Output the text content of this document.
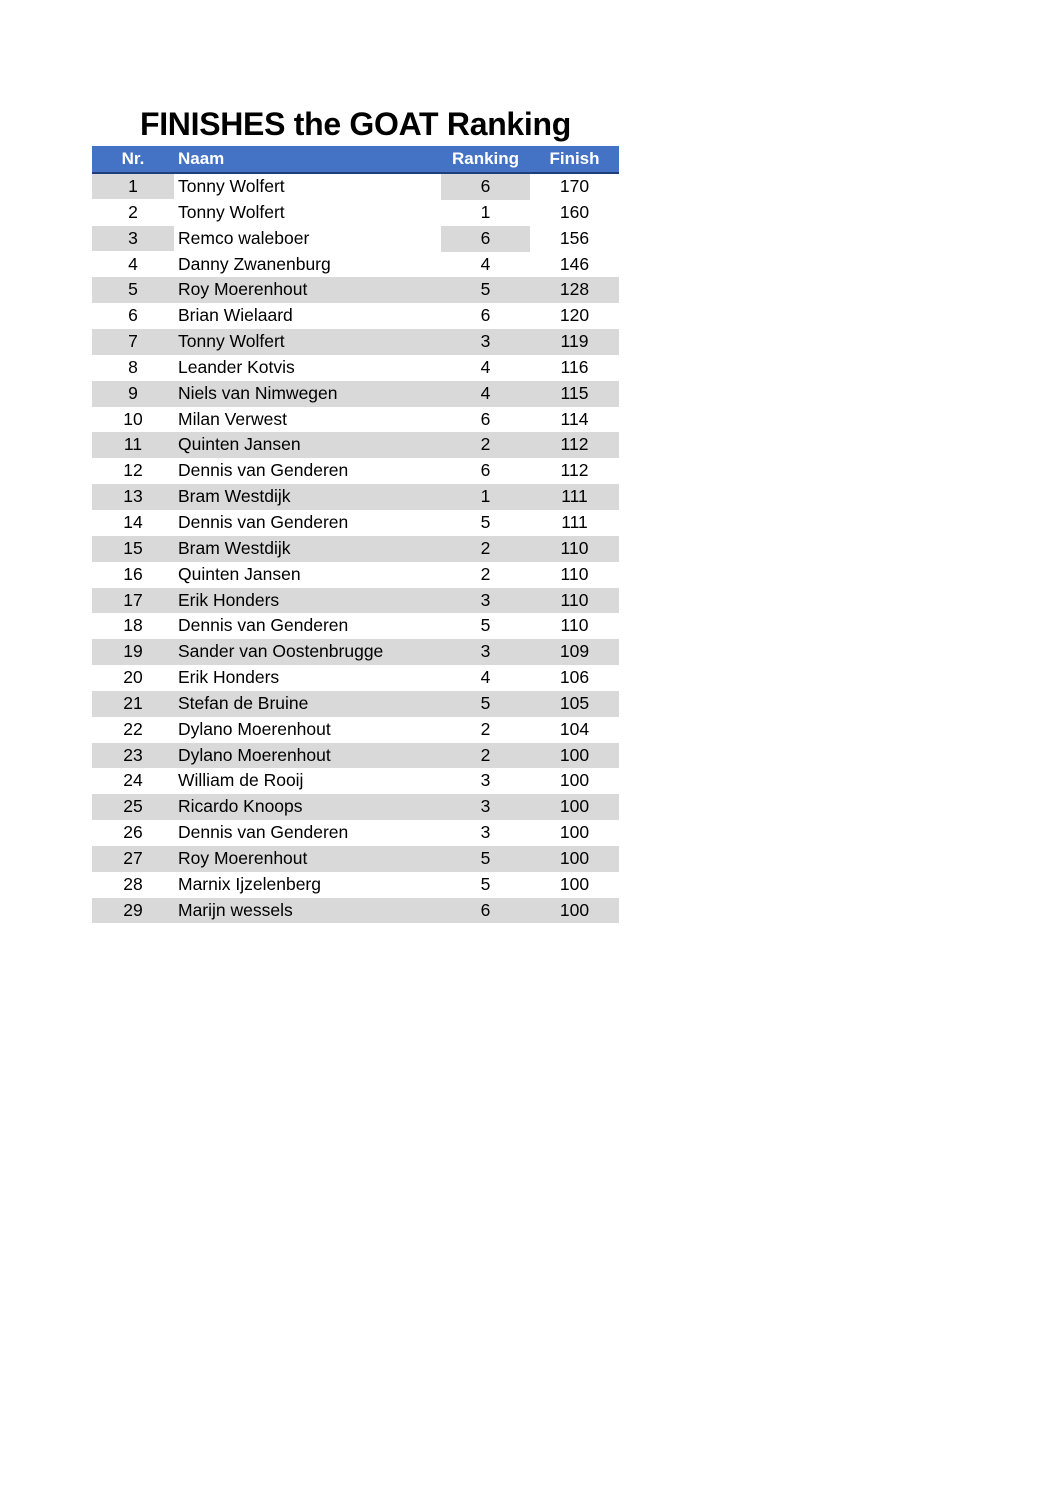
FINISHES the GOAT Ranking
Nr.	Naam	Ranking	Finish
1	Tonny Wolfert	6	170
2	Tonny Wolfert	1	160
3	Remco waleboer	6	156
4	Danny Zwanenburg	4	146
5	Roy Moerenhout	5	128
6	Brian Wielaard	6	120
7	Tonny Wolfert	3	119
8	Leander Kotvis	4	116
9	Niels van Nimwegen	4	115
10	Milan Verwest	6	114
11	Quinten Jansen	2	112
12	Dennis van Genderen	6	112
13	Bram Westdijk	1	111
14	Dennis van Genderen	5	111
15	Bram Westdijk	2	110
16	Quinten Jansen	2	110
17	Erik Honders	3	110
18	Dennis van Genderen	5	110
19	Sander van Oostenbrugge	3	109
20	Erik Honders	4	106
21	Stefan de Bruine	5	105
22	Dylano Moerenhout	2	104
23	Dylano Moerenhout	2	100
24	William de Rooij	3	100
25	Ricardo Knoops	3	100
26	Dennis van Genderen	3	100
27	Roy Moerenhout	5	100
28	Marnix Ijzelenberg	5	100
29	Marijn wessels	6	100
